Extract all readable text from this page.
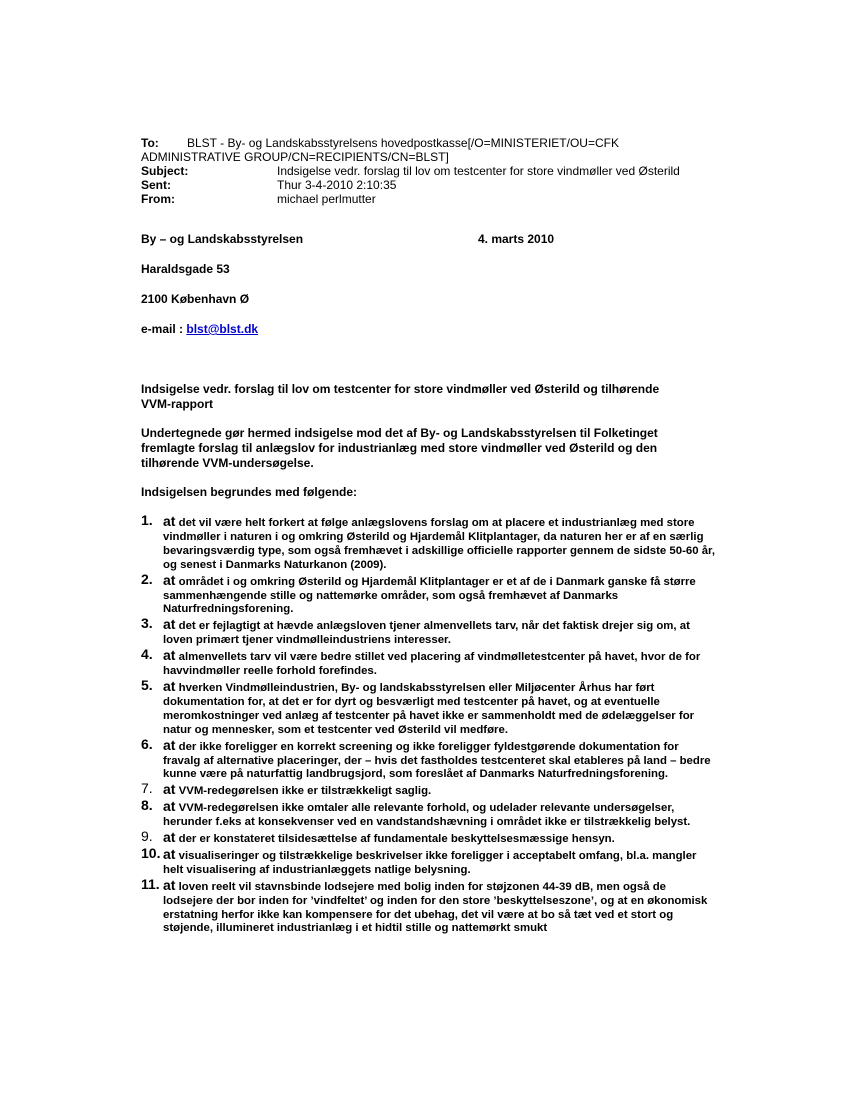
To: BLST - By- og Landskabsstyrelsens hovedpostkasse[/O=MINISTERIET/OU=CFK
ADMINISTRATIVE GROUP/CN=RECIPIENTS/CN=BLST]
Subject:	Indsigelse vedr. forslag til lov om testcenter for store vindmøller ved Østerild
Sent:	Thur 3-4-2010 2:10:35
From:	michael perlmutter
By – og Landskabsstyrelsen	4. marts 2010
Haraldsgade 53
2100 København Ø
e-mail : blst@blst.dk
Indsigelse vedr. forslag til lov om testcenter for store vindmøller ved Østerild og tilhørende
VVM-rapport
Undertegnede gør hermed indsigelse mod det af By- og Landskabsstyrelsen til Folketinget
fremlagte forslag til anlægslov for industrianlæg med store vindmøller ved Østerild og den
tilhørende VVM-undersøgelse.
Indsigelsen begrundes med følgende:
1. at det vil være helt forkert at følge anlægslovens forslag om at placere et industrianlæg med store vindmøller i naturen i og omkring Østerild og Hjardemål Klitplantager, da naturen her er af en særlig bevaringsværdig type, som også fremhævet i adskillige officielle rapporter gennem de sidste 50-60 år, og senest i Danmarks Naturkanon (2009).
2. at området i og omkring Østerild og Hjardemål Klitplantager er et af de i Danmark ganske få større sammenhængende stille og nattemørke områder, som også fremhævet af Danmarks Naturfredningsforening.
3. at det er fejlagtigt at hævde anlægsloven tjener almenvellets tarv, når det faktisk drejer sig om, at loven primært tjener vindmølleindustriens interesser.
4. at almenvellets tarv vil være bedre stillet ved placering af vindmølletestcenter på havet, hvor de for havvindmøller reelle forhold forefindes.
5. at hverken Vindmølleindustrien, By- og landskabsstyrelsen eller Miljøcenter Århus har ført dokumentation for, at det er for dyrt og besværligt med testcenter på havet, og at eventuelle meromkostninger ved anlæg af testcenter på havet ikke er sammenholdt med de ødelæggelser for natur og mennesker, som et testcenter ved Østerild vil medføre.
6. at der ikke foreligger en korrekt screening og ikke foreligger fyldestgørende dokumentation for fravalg af alternative placeringer, der – hvis det fastholdes testcenteret skal etableres på land – bedre kunne være på naturfattig landbrugsjord, som foreslået af Danmarks Naturfredningsforening.
7. at VVM-redegørelsen ikke er tilstrækkeligt saglig.
8. at VVM-redegørelsen ikke omtaler alle relevante forhold, og udelader relevante undersøgelser, herunder f.eks at konsekvenser ved en vandstandshævning i området ikke er tilstrækkelig belyst.
9. at der er konstateret tilsidesættelse af fundamentale beskyttelsesmæssige hensyn.
10. at visualiseringer og tilstrækkelige beskrivelser ikke foreligger i acceptabelt omfang, bl.a. mangler helt visualisering af industrianlæggets natlige belysning.
11. at loven reelt vil stavnsbinde lodsejere med bolig inden for støjzonen 44-39 dB, men også de lodsejere der bor inden for ’vindfeltet’ og inden for den store ’beskyttelseszone’, og at en økonomisk erstatning herfor ikke kan kompensere for det ubehag, det vil være at bo så tæt ved et stort og støjende, illumineret industrianlæg i et hidtil stille og nattemørkt smukt
